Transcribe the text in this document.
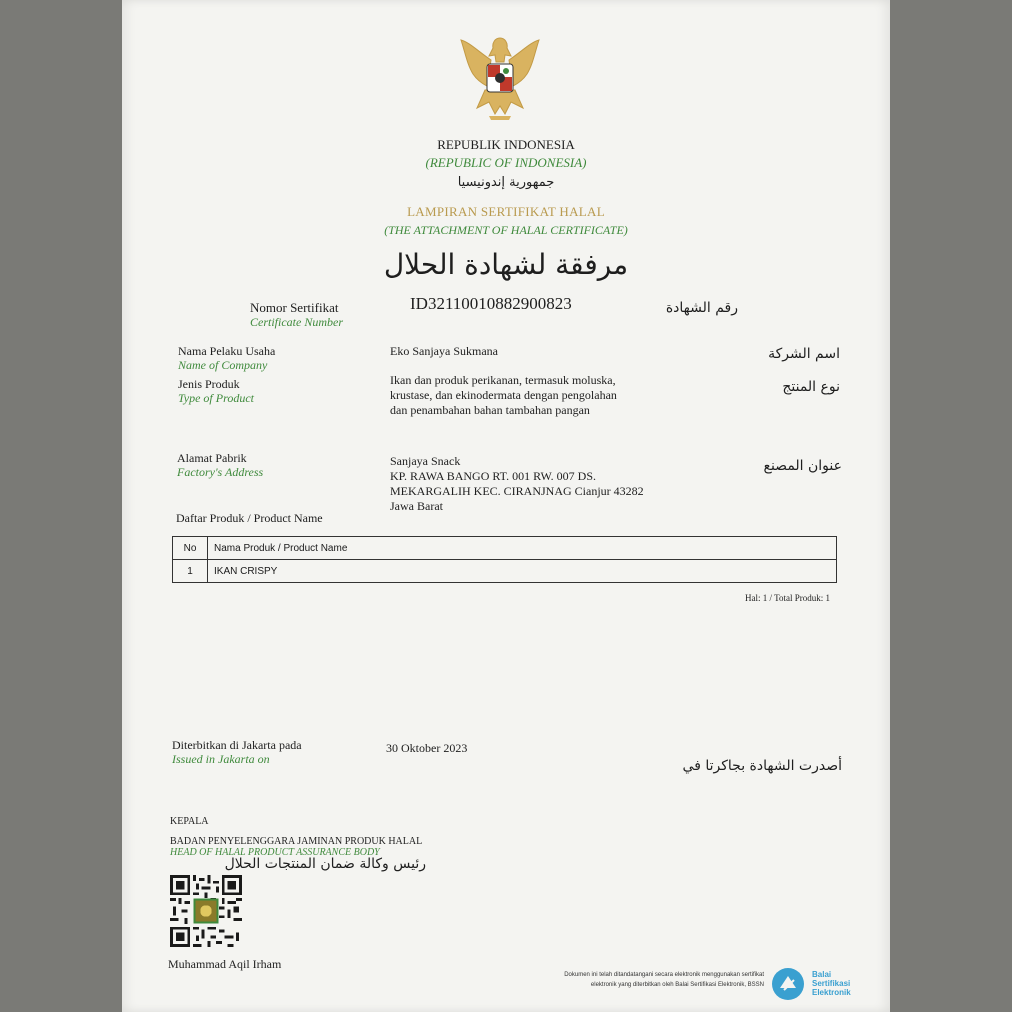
REPUBLIK INDONESIA
(REPUBLIC OF INDONESIA)
جمهورية إندونيسيا
LAMPIRAN SERTIFIKAT HALAL
(THE ATTACHMENT OF HALAL CERTIFICATE)
مرفقة لشهادة الحلال
Nomor Sertifikat
Certificate Number
ID32110010882900823	رقم الشهادة
Nama Pelaku Usaha
Name of Company
Eko Sanjaya Sukmana	اسم الشركة
Jenis Produk
Type of Product
Ikan dan produk perikanan, termasuk moluska,
krustase, dan ekinodermata dengan pengolahan
dan penambahan bahan tambahan pangan
نوع المنتج
Alamat Pabrik
Factory's Address
Sanjaya Snack
KP. RAWA BANGO RT. 001 RW. 007 DS.
MEKARGALIH KEC. CIRANJNAG Cianjur 43282
Jawa Barat
عنوان المصنع
Daftar Produk / Product Name
No	Nama Produk / Product Name
1	IKAN CRISPY
Hal: 1 / Total Produk: 1
Diterbitkan di Jakarta pada
Issued in Jakarta on
30 Oktober 2023
أصدرت الشهادة بجاكرتا في
KEPALA
BADAN PENYELENGGARA JAMINAN PRODUK HALAL
HEAD OF HALAL PRODUCT ASSURANCE BODY
رئيس وكالة ضمان المنتجات الحلال
Muhammad Aqil Irham
Dokumen ini telah ditandatangani secara elektronik menggunakan sertifikat
elektronik yang diterbitkan oleh Balai Sertifikasi Elektronik, BSSN
Balai
Sertifikasi
Elektronik
